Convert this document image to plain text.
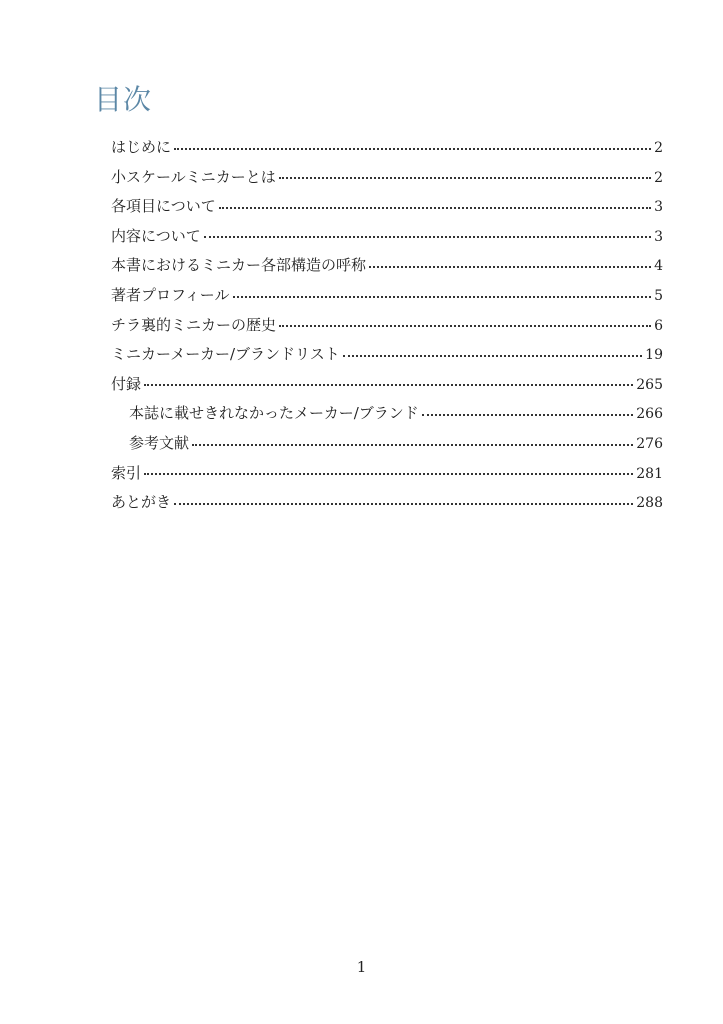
目次
はじめに	2
小スケールミニカーとは	2
各項目について	3
内容について	3
本書におけるミニカー各部構造の呼称	4
著者プロフィール	5
チラ裏的ミニカーの歴史	6
ミニカーメーカー/ブランドリスト	19
付録	265
本誌に載せきれなかったメーカー/ブランド	266
参考文献	276
索引	281
あとがき	288
1
